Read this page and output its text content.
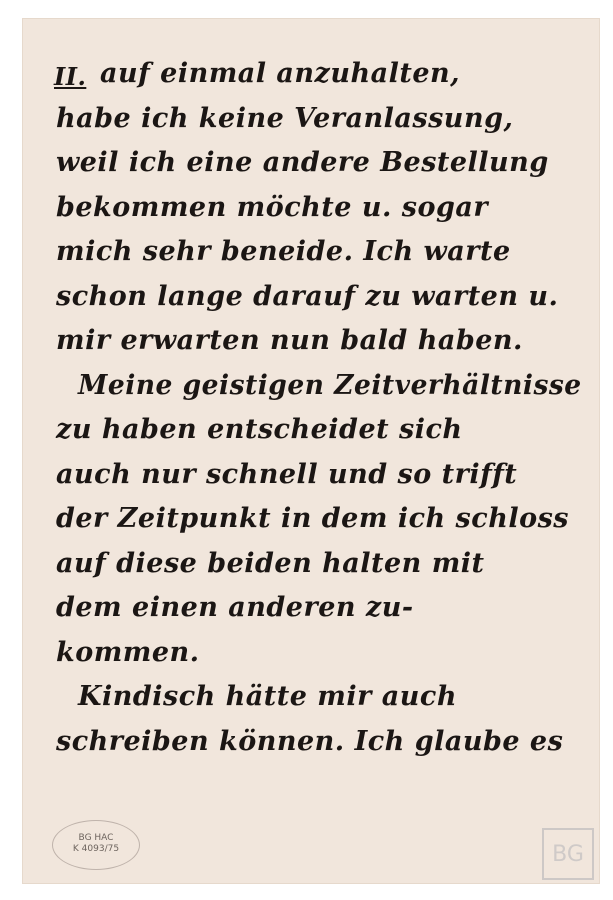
II. auf einmal anzuhalten,
habe ich keine Veranlassung,
weil ich eine andere Bestellung
bekommen möchte u. sogar
mich sehr beneide. Ich warte
schon lange darauf zu warten u.
mir erwarten nun bald haben.
Meine geistigen Zeitverhältnisse
zu haben entscheidet sich
auch nur schnell und so trifft
der Zeitpunkt in dem ich schloss
auf diese beiden halten mit
dem einen anderen zu-
kommen.
Kindisch hätte mir auch
schreiben können. Ich glaube es
BG HAC
K 4093/75	BG
